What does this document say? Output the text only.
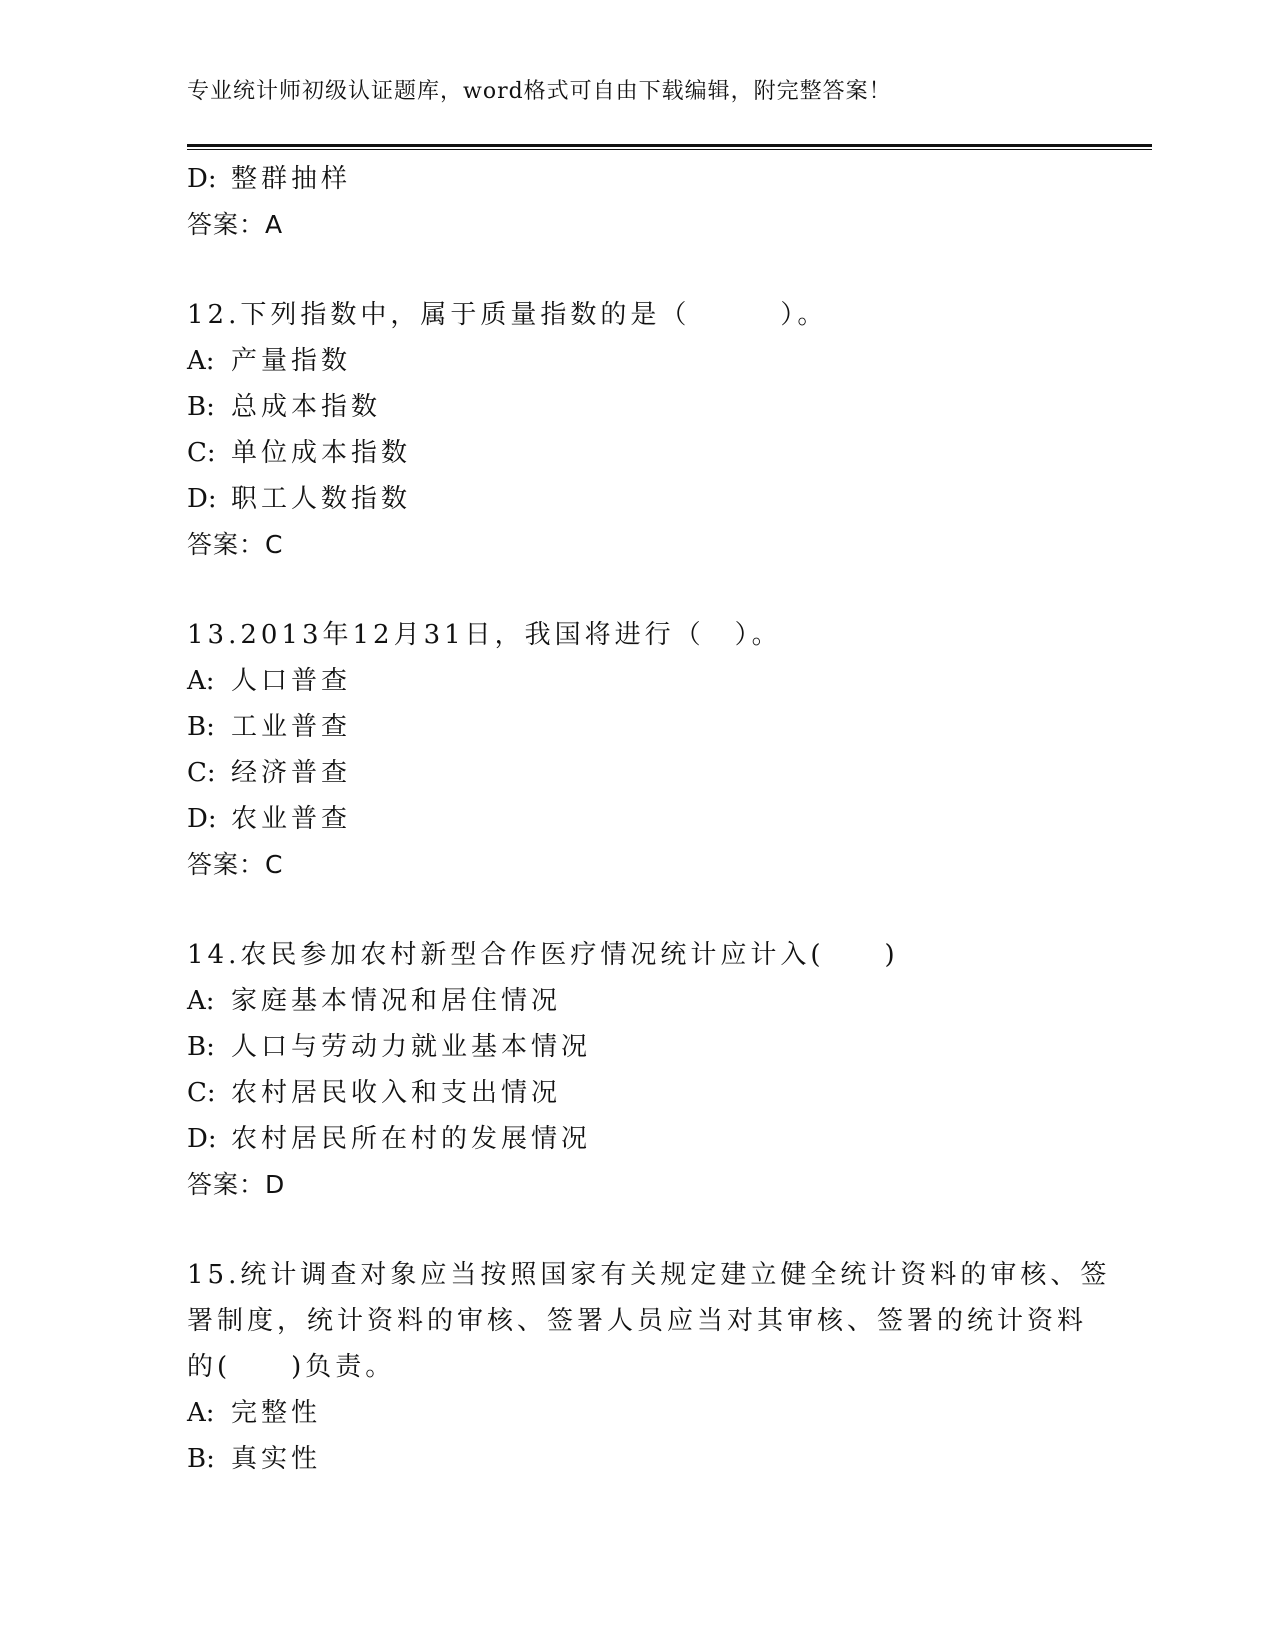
专业统计师初级认证题库，word格式可自由下载编辑，附完整答案！
D: 整群抽样
答案：A
12.下列指数中，属于质量指数的是（　　　）。
A: 产量指数
B: 总成本指数
C: 单位成本指数
D: 职工人数指数
答案：C
13.2013年12月31日，我国将进行（　）。
A: 人口普查
B: 工业普查
C: 经济普查
D: 农业普查
答案：C
14.农民参加农村新型合作医疗情况统计应计入(　　)
A: 家庭基本情况和居住情况
B: 人口与劳动力就业基本情况
C: 农村居民收入和支出情况
D: 农村居民所在村的发展情况
答案：D
15.统计调查对象应当按照国家有关规定建立健全统计资料的审核、签
署制度，统计资料的审核、签署人员应当对其审核、签署的统计资料
的(　　)负责。
A: 完整性
B: 真实性
